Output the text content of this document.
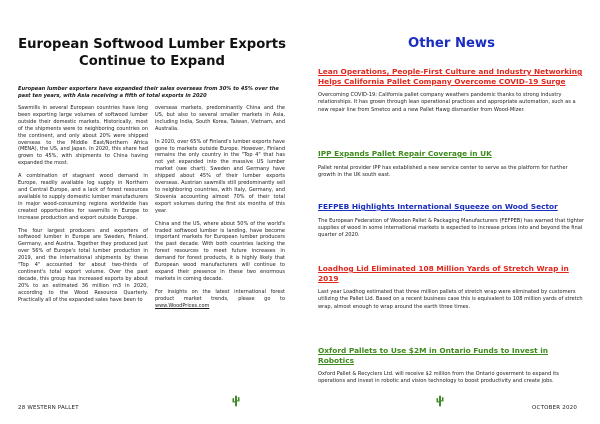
European Softwood Lumber Exports Continue to Expand
European lumber exporters have expanded their sales overseas from 30% to 45% over the past ten years, with Asia receiving a fifth of total exports in 2020

Sawmills in several European countries have long been exporting large volumes of softwood lumber outside their domestic markets. Historically, most of the shipments were to neighboring countries on the continent, and only about 20% were shipped overseas to the Middle East/Northern Africa (MENA), the US, and Japan. In 2020, this share had grown to 45%, with shipments to China having expanded the most.

A combination of stagnant wood demand in Europe, readily available log supply in Northern and Central Europe, and a lack of forest resources available to supply domestic lumber manufacturers in major wood-consuming regions worldwide has created opportunities for sawmills in Europe to increase production and export outside Europe.

The four largest producers and exporters of softwood lumber in Europe are Sweden, Finland, Germany, and Austria. Together they produced just over 56% of Europe's total lumber production in 2019, and the international shipments by these "Top 4" accounted for about two-thirds of continent's total export volume. Over the past decade, this group has increased exports by about 20% to an estimated 36 million m3 in 2020, according to the Wood Resource Quarterly. Practically all of the expanded sales have been to

overseas markets, predominantly China and the US, but also to several smaller markets in Asia, including India, South Korea, Taiwan, Vietnam, and Australia.

In 2020, over 65% of Finland's lumber exports have gone to markets outside Europe. However, Finland remains the only country in the "Top 4" that has not yet expanded into the massive US lumber market (see chart). Sweden and Germany have shipped about 45% of their lumber exports overseas. Austrian sawmills still predominantly sell to neighboring countries, with Italy, Germany, and Slovenia accounting almost 70% of their total export volumes during the first six months of this year.

China and the US, where about 50% of the world's traded softwood lumber is landing, have become important markets for European lumber producers the past decade. With both countries lacking the forest resources to meet future increases in demand for forest products, it is highly likely that European wood manufacturers will continue to expand their presence in these two enormous markets in coming decade.

For insights on the latest international forest product market trends, please go to www.WoodPrices.com

28 WESTERN PALLET
Other News
Lean Operations, People-First Culture and Industry Networking Helps California Pallet Company Overcome COVID-19 Surge
Overcoming COVID-19: California pallet company weathers pandemic thanks to strong industry relationships. It has grown through lean operational practices and appropriate automation, such as a new repair line from Smetco and a new Pallet Hawg dismantler from Wood-Mizer.
IPP Expands Pallet Repair Coverage in UK
Pallet rental provider IPP has established a new service center to serve as the platform for further growth in the UK south east.
FEFPEB Highlights International Squeeze on Wood Sector
The European Federation of Wooden Pallet & Packaging Manufacturers (FEFPEB) has warned that tighter supplies of wood in some international markets is expected to increase prices into and beyond the final quarter of 2020.
Loadhog Lid Eliminated 108 Million Yards of Stretch Wrap in 2019
Last year Loadhog estimated that three million pallets of stretch wrap were eliminated by customers utilizing the Pallet Lid. Based on a recent business case this is equivalent to 108 million yards of stretch wrap, almost enough to wrap around the earth three times.
Oxford Pallets to Use $2M in Ontario Funds to Invest in Robotics
Oxford Pallet & Recyclers Ltd. will receive $2 million from the Ontario goverment to expand its operations and invest in robotic and vision technology to boost productivity and create jobs.
OCTOBER 2020
